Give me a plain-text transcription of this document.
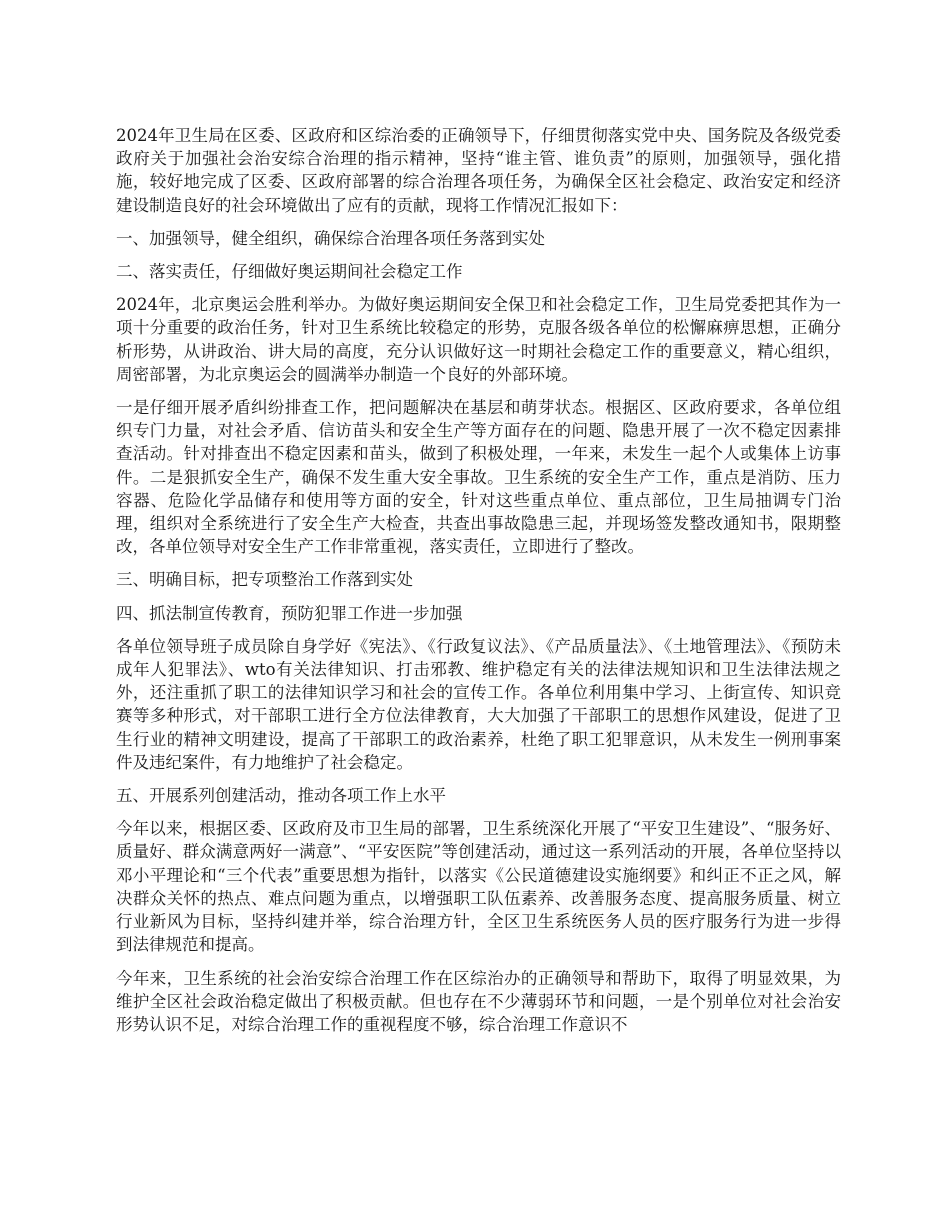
2024年卫生局在区委、区政府和区综治委的正确领导下，仔细贯彻落实党中央、国务院及各级党委政府关于加强社会治安综合治理的指示精神，坚持“谁主管、谁负责”的原则，加强领导，强化措施，较好地完成了区委、区政府部署的综合治理各项任务，为确保全区社会稳定、政治安定和经济建设制造良好的社会环境做出了应有的贡献，现将工作情况汇报如下：

一、加强领导，健全组织，确保综合治理各项任务落到实处

二、落实责任，仔细做好奥运期间社会稳定工作

2024年，北京奥运会胜利举办。为做好奥运期间安全保卫和社会稳定工作，卫生局党委把其作为一项十分重要的政治任务，针对卫生系统比较稳定的形势，克服各级各单位的松懈麻痹思想，正确分析形势，从讲政治、讲大局的高度，充分认识做好这一时期社会稳定工作的重要意义，精心组织，周密部署，为北京奥运会的圆满举办制造一个良好的外部环境。

一是仔细开展矛盾纠纷排查工作，把问题解决在基层和萌芽状态。根据区、区政府要求，各单位组织专门力量，对社会矛盾、信访苗头和安全生产等方面存在的问题、隐患开展了一次不稳定因素排查活动。针对排查出不稳定因素和苗头，做到了积极处理，一年来，未发生一起个人或集体上访事件。二是狠抓安全生产，确保不发生重大安全事故。卫生系统的安全生产工作，重点是消防、压力容器、危险化学品储存和使用等方面的安全，针对这些重点单位、重点部位，卫生局抽调专门治理，组织对全系统进行了安全生产大检查，共查出事故隐患三起，并现场签发整改通知书，限期整改，各单位领导对安全生产工作非常重视，落实责任，立即进行了整改。

三、明确目标，把专项整治工作落到实处

四、抓法制宣传教育，预防犯罪工作进一步加强

各单位领导班子成员除自身学好《宪法》、《行政复议法》、《产品质量法》、《土地管理法》、《预防未成年人犯罪法》、wto有关法律知识、打击邪教、维护稳定有关的法律法规知识和卫生法律法规之外，还注重抓了职工的法律知识学习和社会的宣传工作。各单位利用集中学习、上街宣传、知识竞赛等多种形式，对干部职工进行全方位法律教育，大大加强了干部职工的思想作风建设，促进了卫生行业的精神文明建设，提高了干部职工的政治素养，杜绝了职工犯罪意识，从未发生一例刑事案件及违纪案件，有力地维护了社会稳定。

五、开展系列创建活动，推动各项工作上水平

今年以来，根据区委、区政府及市卫生局的部署，卫生系统深化开展了“平安卫生建设”、“服务好、质量好、群众满意两好一满意”、“平安医院”等创建活动，通过这一系列活动的开展，各单位坚持以邓小平理论和“三个代表”重要思想为指针，以落实《公民道德建设实施纲要》和纠正不正之风，解决群众关怀的热点、难点问题为重点，以增强职工队伍素养、改善服务态度、提高服务质量、树立行业新风为目标，坚持纠建并举，综合治理方针，全区卫生系统医务人员的医疗服务行为进一步得到法律规范和提高。

今年来，卫生系统的社会治安综合治理工作在区综治办的正确领导和帮助下，取得了明显效果，为维护全区社会政治稳定做出了积极贡献。但也存在不少薄弱环节和问题，一是个别单位对社会治安形势认识不足，对综合治理工作的重视程度不够，综合治理工作意识不
